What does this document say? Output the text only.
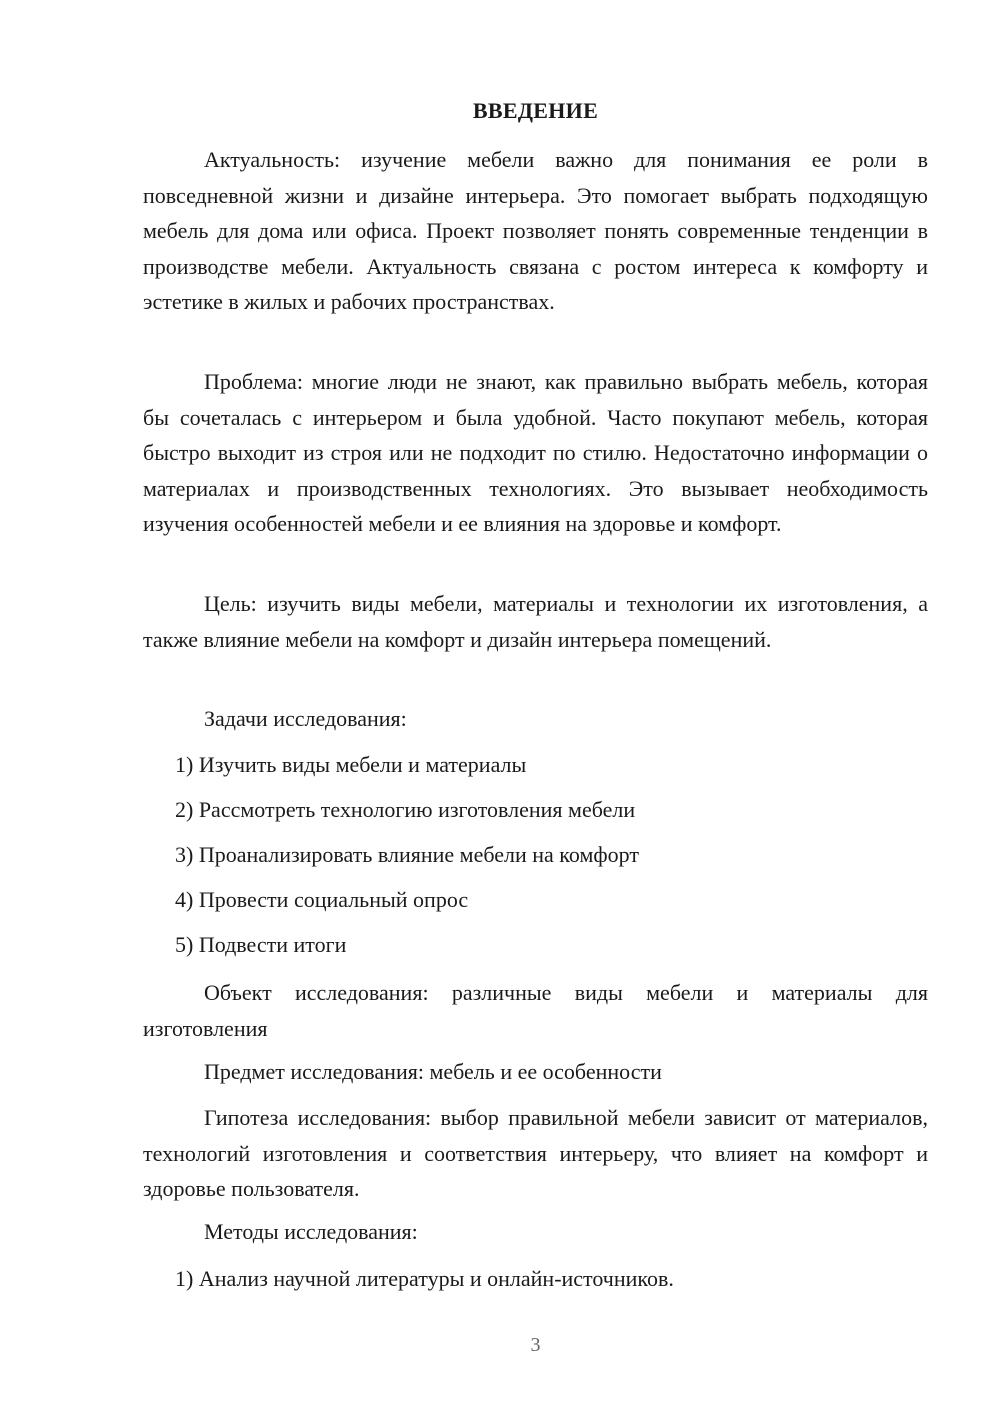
ВВЕДЕНИЕ

Актуальность: изучение мебели важно для понимания ее роли в повседневной жизни и дизайне интерьера. Это помогает выбрать подходящую мебель для дома или офиса. Проект позволяет понять современные тенденции в производстве мебели. Актуальность связана с ростом интереса к комфорту и эстетике в жилых и рабочих пространствах.

Проблема: многие люди не знают, как правильно выбрать мебель, которая бы сочеталась с интерьером и была удобной. Часто покупают мебель, которая быстро выходит из строя или не подходит по стилю. Недостаточно информации о материалах и производственных технологиях. Это вызывает необходимость изучения особенностей мебели и ее влияния на здоровье и комфорт.

Цель: изучить виды мебели, материалы и технологии их изготовления, а также влияние мебели на комфорт и дизайн интерьера помещений.

Задачи исследования:

1) Изучить виды мебели и материалы

2) Рассмотреть технологию изготовления мебели

3) Проанализировать влияние мебели на комфорт

4) Провести социальный опрос

5) Подвести итоги

Объект исследования: различные виды мебели и материалы для изготовления

Предмет исследования: мебель и ее особенности

Гипотеза исследования: выбор правильной мебели зависит от материалов, технологий изготовления и соответствия интерьеру, что влияет на комфорт и здоровье пользователя.

Методы исследования:

1) Анализ научной литературы и онлайн-источников.

3
